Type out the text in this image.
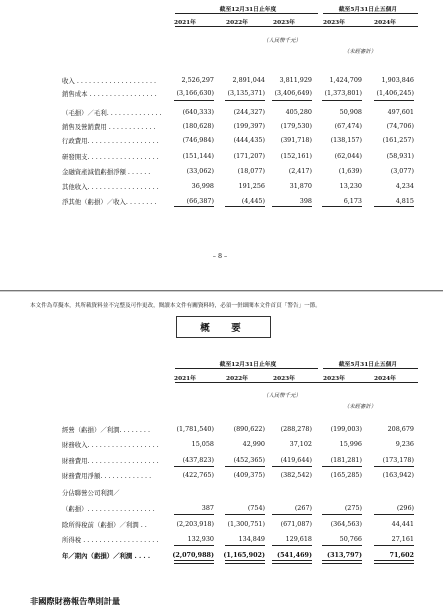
截至12月31日止年度	截至5月31日止五個月
2021年	2022年	2023年	2023年	2024年
（人民幣千元）
（未經審計）
收入 . . . . . . . . . . . . . . . . . . . .	2,526,297	2,891,044 3,811,929	1,424,709	1,903,846
銷售成本 . . . . . . . . . . . . . . . . .	(3,166,630) (3,135,371) (3,406,649) (1,373,801) (1,406,245)
（毛損）／毛利. . . . . . . . . . . . . .	(640,333)	(244,327)	405,280	50,908	497,601
銷售及營銷費用 . . . . . . . . . . . .	(180,628)	(199,397) (179,530)	(67,474)	(74,706)
行政費用. . . . . . . . . . . . . . . . . .	(746,984)	(444,435) (391,718)	(138,157)	(161,257)
研發開支. . . . . . . . . . . . . . . . . .	(151,144)	(171,207) (152,161)	(62,044)	(58,931)
金融資產減值虧損淨額 . . . . . .	(33,062)	(18,077)	(2,417)	(1,639)	(3,077)
其他收入. . . . . . . . . . . . . . . . . .	36,998	191,256	31,870	13,230	4,234
淨其他（虧損）／收入. . . . . . . .	(66,387)	(4,445)	398	6,173	4,815
– 8 –
本文件為草擬本，其所載資料並不完整及可作更改，閱讀本文件有關資料時，必須一併細閱本文件首頁「警告」一節。
概　要
截至12月31日止年度	截至5月31日止五個月
2021年	2022年	2023年	2023年	2024年
（人民幣千元）
（未經審計）
經營（虧損）／利潤. . . . . . . .	(1,781,540)	(890,622) (288,278)	(199,003)	208,679
財務收入. . . . . . . . . . . . . . . . . .	15,058	42,990	37,102	15,996	9,236
財務費用. . . . . . . . . . . . . . . . . .	(437,823)	(452,365) (419,644)	(181,281)	(173,178)
財務費用淨額. . . . . . . . . . . . .	(422,765)	(409,375) (382,542)	(165,285)	(163,942)
分佔聯營公司利潤／
（虧損）. . . . . . . . . . . . . . . . .	387	(754)	(267)	(275)	(296)
除所得稅前（虧損）／利潤 . .	(2,203,918) (1,300,751) (671,087)	(364,563)	44,441
所得稅 . . . . . . . . . . . . . . . . . . .	132,930	134,849	129,618	50,766	27,161
年／期內（虧損）／利潤 . . . .	(2,070,988) (1,165,902) (541,469) (313,797)	71,602
非國際財務報告準則計量
